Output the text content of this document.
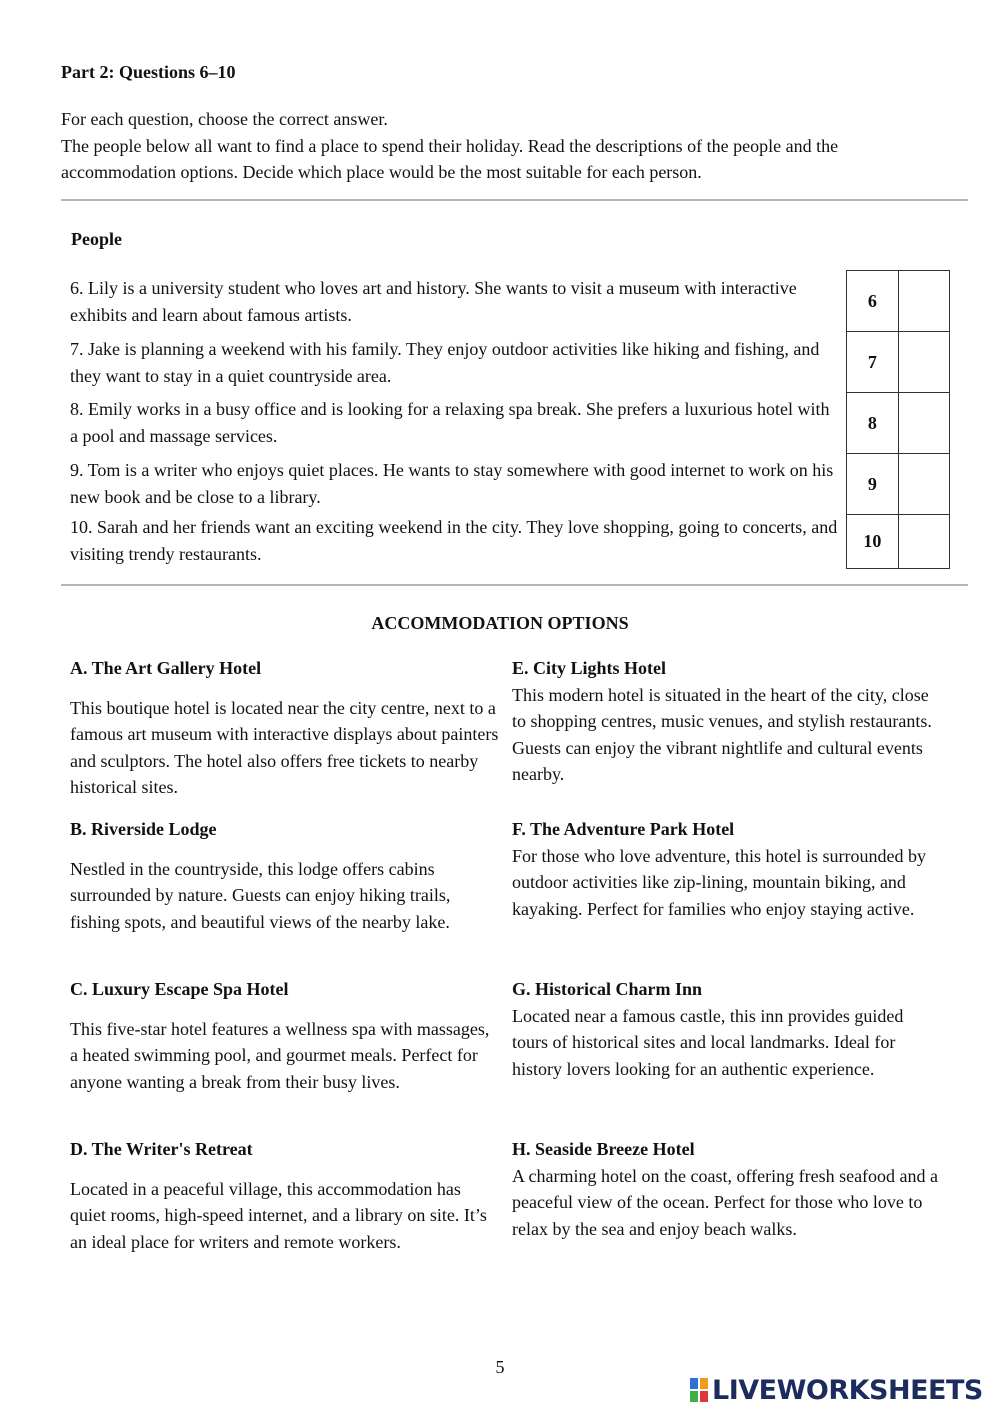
Part 2: Questions 6–10
For each question, choose the correct answer.
The people below all want to find a place to spend their holiday. Read the descriptions of the people and the accommodation options. Decide which place would be the most suitable for each person.
People
6. Lily is a university student who loves art and history. She wants to visit a museum with interactive exhibits and learn about famous artists.
7. Jake is planning a weekend with his family. They enjoy outdoor activities like hiking and fishing, and they want to stay in a quiet countryside area.
8. Emily works in a busy office and is looking for a relaxing spa break. She prefers a luxurious hotel with a pool and massage services.
9. Tom is a writer who enjoys quiet places. He wants to stay somewhere with good internet to work on his new book and be close to a library.
10. Sarah and her friends want an exciting weekend in the city. They love shopping, going to concerts, and visiting trendy restaurants.
6	
7	
8	
9	
10	
ACCOMMODATION OPTIONS
A. The Art Gallery Hotel
This boutique hotel is located near the city centre, next to a famous art museum with interactive displays about painters and sculptors. The hotel also offers free tickets to nearby historical sites.
B. Riverside Lodge
Nestled in the countryside, this lodge offers cabins surrounded by nature. Guests can enjoy hiking trails, fishing spots, and beautiful views of the nearby lake.
C. Luxury Escape Spa Hotel
This five-star hotel features a wellness spa with massages, a heated swimming pool, and gourmet meals. Perfect for anyone wanting a break from their busy lives.
D. The Writer's Retreat
Located in a peaceful village, this accommodation has quiet rooms, high-speed internet, and a library on site. It’s an ideal place for writers and remote workers.
E. City Lights Hotel
This modern hotel is situated in the heart of the city, close to shopping centres, music venues, and stylish restaurants. Guests can enjoy the vibrant nightlife and cultural events nearby.
F. The Adventure Park Hotel
For those who love adventure, this hotel is surrounded by outdoor activities like zip-lining, mountain biking, and kayaking. Perfect for families who enjoy staying active.
G. Historical Charm Inn
Located near a famous castle, this inn provides guided tours of historical sites and local landmarks. Ideal for history lovers looking for an authentic experience.
H. Seaside Breeze Hotel
A charming hotel on the coast, offering fresh seafood and a peaceful view of the ocean. Perfect for those who love to relax by the sea and enjoy beach walks.
5
LIVEWORKSHEETS
